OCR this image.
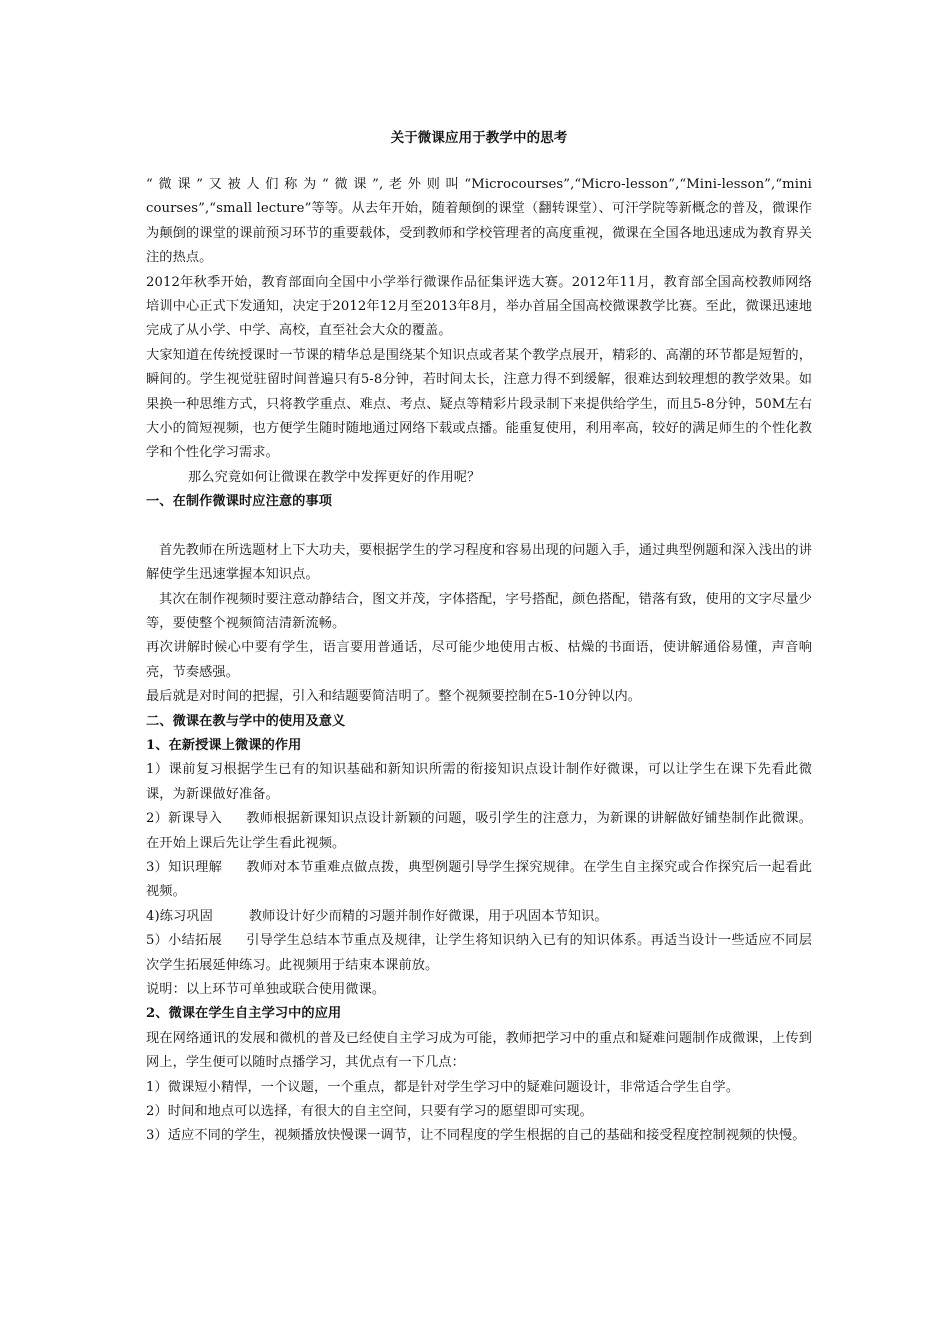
关于微课应用于教学中的思考

“微课”又被人们称为“微课”,老外则叫“Microcourses”,“Micro-lesson”,“Mini-lesson”,“mini courses”,“small lecture”等等。从去年开始，随着颠倒的课堂（翻转课堂）、可汗学院等新概念的普及，微课作为颠倒的课堂的课前预习环节的重要载体，受到教师和学校管理者的高度重视，微课在全国各地迅速成为教育界关注的热点。

2012年秋季开始，教育部面向全国中小学举行微课作品征集评选大赛。2012年11月，教育部全国高校教师网络培训中心正式下发通知，决定于2012年12月至2013年8月，举办首届全国高校微课教学比赛。至此，微课迅速地完成了从小学、中学、高校，直至社会大众的覆盖。

大家知道在传统授课时一节课的精华总是围绕某个知识点或者某个教学点展开，精彩的、高潮的环节都是短暂的，瞬间的。学生视觉驻留时间普遍只有5-8分钟，若时间太长，注意力得不到缓解，很难达到较理想的教学效果。如果换一种思维方式，只将教学重点、难点、考点、疑点等精彩片段录制下来提供给学生，而且5-8分钟，50M左右大小的简短视频，也方便学生随时随地通过网络下载或点播。能重复使用，利用率高，较好的满足师生的个性化教学和个性化学习需求。

那么究竟如何让微课在教学中发挥更好的作用呢？

一、在制作微课时应注意的事项

首先教师在所选题材上下大功夫，要根据学生的学习程度和容易出现的问题入手，通过典型例题和深入浅出的讲解使学生迅速掌握本知识点。

其次在制作视频时要注意动静结合，图文并茂，字体搭配，字号搭配，颜色搭配，错落有致，使用的文字尽量少等，要使整个视频简洁清新流畅。

再次讲解时候心中要有学生，语言要用普通话，尽可能少地使用古板、枯燥的书面语，使讲解通俗易懂，声音响亮，节奏感强。

最后就是对时间的把握，引入和结题要简洁明了。整个视频要控制在5-10分钟以内。

二、微课在教与学中的使用及意义

1、在新授课上微课的作用

1）课前复习根据学生已有的知识基础和新知识所需的衔接知识点设计制作好微课，可以让学生在课下先看此微课，为新课做好准备。

2）新课导入 教师根据新课知识点设计新颖的问题，吸引学生的注意力，为新课的讲解做好铺垫制作此微课。在开始上课后先让学生看此视频。

3）知识理解 教师对本节重难点做点拨，典型例题引导学生探究规律。在学生自主探究或合作探究后一起看此视频。

4)练习巩固	教师设计好少而精的习题并制作好微课，用于巩固本节知识。

5）小结拓展 引导学生总结本节重点及规律，让学生将知识纳入已有的知识体系。再适当设计一些适应不同层次学生拓展延伸练习。此视频用于结束本课前放。

说明：以上环节可单独或联合使用微课。

2、微课在学生自主学习中的应用

现在网络通讯的发展和微机的普及已经使自主学习成为可能，教师把学习中的重点和疑难问题制作成微课，上传到网上，学生便可以随时点播学习，其优点有一下几点：

1）微课短小精悍，一个议题，一个重点，都是针对学生学习中的疑难问题设计，非常适合学生自学。

2）时间和地点可以选择，有很大的自主空间，只要有学习的愿望即可实现。

3）适应不同的学生，视频播放快慢课一调节，让不同程度的学生根据的自己的基础和接受程度控制视频的快慢。
